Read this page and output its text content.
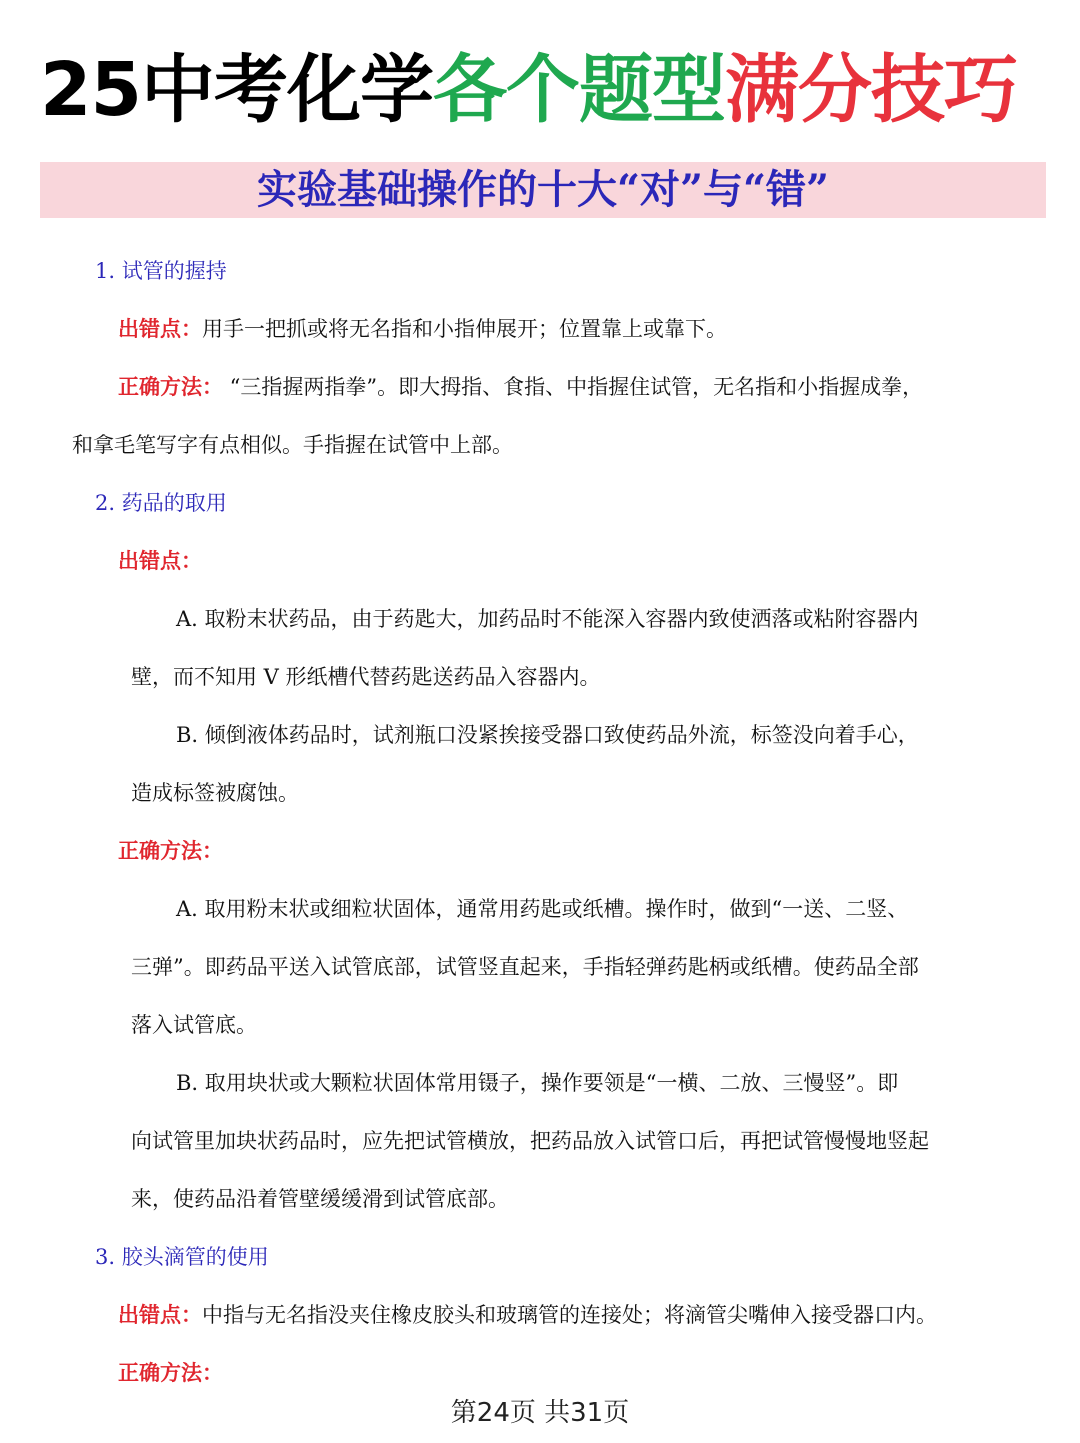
25中考化学各个题型满分技巧
实验基础操作的十大“对”与“错”
1. 试管的握持
出错点：用手一把抓或将无名指和小指伸展开；位置靠上或靠下。
正确方法： “三指握两指拳”。即大拇指、食指、中指握住试管，无名指和小指握成拳，
和拿毛笔写字有点相似。手指握在试管中上部。
2. 药品的取用
出错点：
A. 取粉末状药品，由于药匙大，加药品时不能深入容器内致使洒落或粘附容器内
壁，而不知用 V 形纸槽代替药匙送药品入容器内。
B. 倾倒液体药品时，试剂瓶口没紧挨接受器口致使药品外流，标签没向着手心，
造成标签被腐蚀。
正确方法：
A. 取用粉末状或细粒状固体，通常用药匙或纸槽。操作时，做到“一送、二竖、
三弹”。即药品平送入试管底部，试管竖直起来，手指轻弹药匙柄或纸槽。使药品全部
落入试管底。
B. 取用块状或大颗粒状固体常用镊子，操作要领是“一横、二放、三慢竖”。即
向试管里加块状药品时，应先把试管横放，把药品放入试管口后，再把试管慢慢地竖起
来，使药品沿着管壁缓缓滑到试管底部。
3. 胶头滴管的使用
出错点：中指与无名指没夹住橡皮胶头和玻璃管的连接处；将滴管尖嘴伸入接受器口内。
正确方法：
第24页 共31页
